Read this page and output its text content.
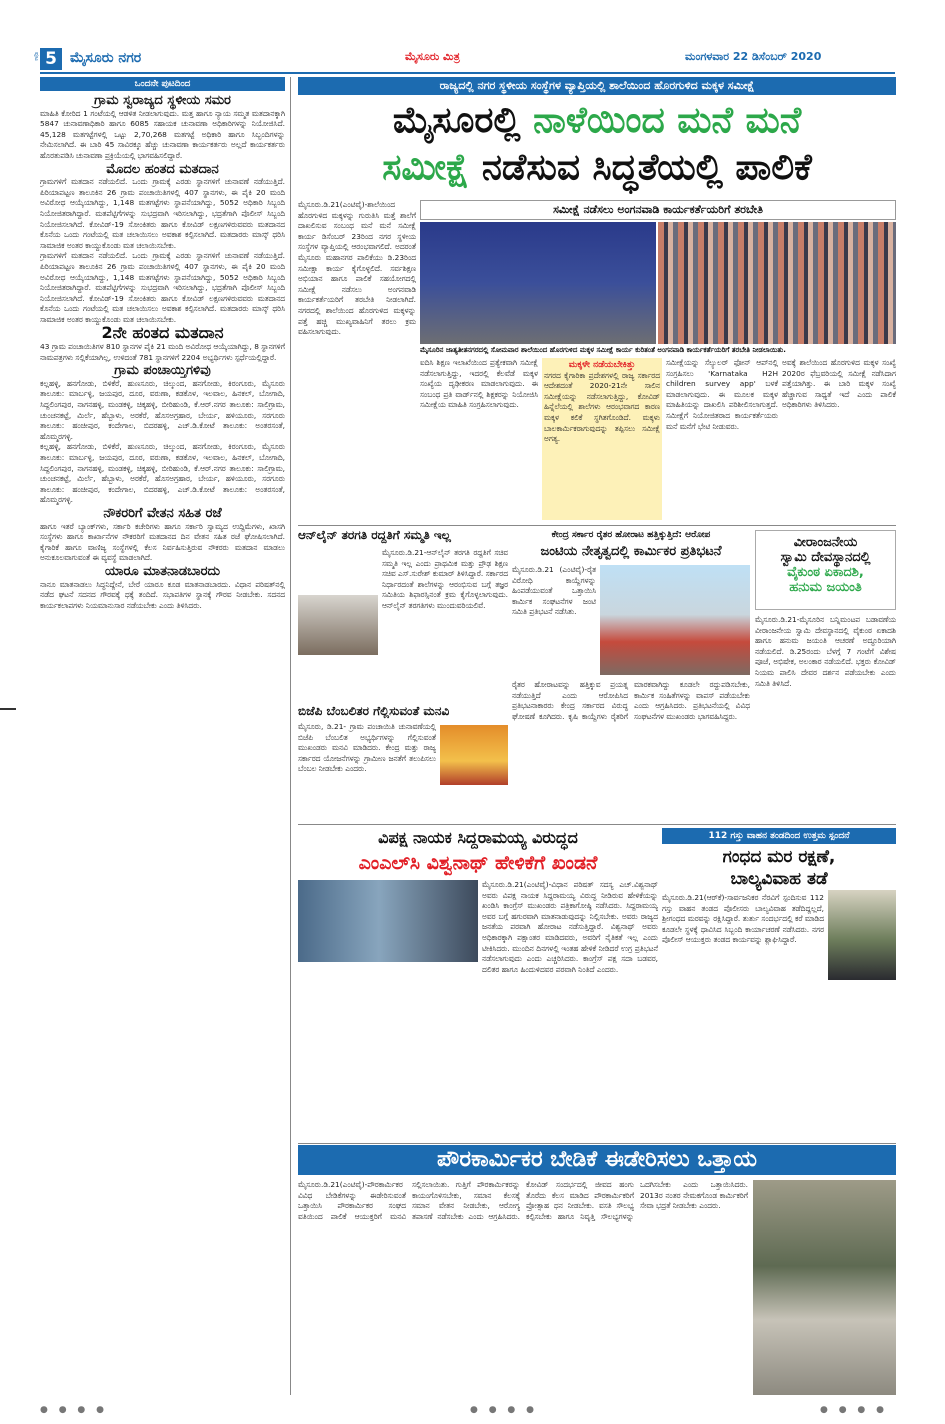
ಪುಟ 5 ಮೈಸೂರು ನಗರ	ಮೈಸೂರು ಮಿತ್ರ	ಮಂಗಳವಾರ 22 ಡಿಸೆಂಬರ್ 2020
ಒಂದನೇ ಪುಟದಿಂದ
ಗ್ರಾಮ ಸ್ವರಾಜ್ಯದ ಸ್ಥಳೀಯ ಸಮರ

ಮಾಹಿತಿ ಕೋರಿದ 1 ಗಂಟೆಯಲ್ಲಿ ಆಡಳಿತ ನೀಡಲಾಗುವುದು. ಮತ್ತ ಹಾಗೂ ನ್ಯಾಯ ಸಮ್ಮತ ಮತದಾನಕ್ಕಾಗಿ 5847 ಚುನಾವಣಾಧಿಕಾರಿ ಹಾಗೂ 6085 ಸಹಾಯಕ ಚುನಾವಣಾ ಅಧಿಕಾರಿಗಳನ್ನು ನಿಯೋಜಿಸಿದೆ. 45,128 ಮತಗಟ್ಟೆಗಳಲ್ಲಿ ಒಟ್ಟು 2,70,268 ಮತಗಟ್ಟೆ ಅಧಿಕಾರಿ ಹಾಗೂ ಸಿಬ್ಬಂದಿಗಳನ್ನು ನೇಮಿಸಲಾಗಿದೆ. ಈ ಬಾರಿ 45 ಸಾವಿರಕ್ಕೂ ಹೆಚ್ಚು ಚುನಾವಣಾ ಕಾರ್ಯಕರ್ತರು ಅಲ್ಲದೆ ಕಾರ್ಯಕರ್ತರು ಹೊರತುಪಡಿಸಿ ಚುನಾವಣಾ ಪ್ರಕ್ರಿಯೆಯಲ್ಲಿ ಭಾಗವಹಿಸಲಿದ್ದಾರೆ.

ಮೊದಲ ಹಂತದ ಮತದಾನ

ಗ್ರಾಮಗಳಿಗೆ ಮತದಾನ ನಡೆಯಲಿದೆ. ಒಂದು ಗ್ರಾಮಕ್ಕೆ ಎರಡು ಸ್ಥಾನಗಳಿಗೆ ಚುನಾವಣೆ ನಡೆಯುತ್ತಿದೆ. ಪಿರಿಯಾಪಟ್ಟಣ ತಾಲೂಕಿನ 26 ಗ್ರಾಮ ಪಂಚಾಯಿತಿಗಳಲ್ಲಿ 407 ಸ್ಥಾನಗಳು, ಈ ಪೈಕಿ 20 ಮಂದಿ ಅವಿರೋಧ ಆಯ್ಕೆಯಾಗಿದ್ದು, 1,148 ಮತಗಟ್ಟೆಗಳು ಸ್ಥಾಪನೆಯಾಗಿದ್ದು, 5052 ಅಧಿಕಾರಿ ಸಿಬ್ಬಂದಿ ನಿಯೋಜಿತರಾಗಿದ್ದಾರೆ. ಮತಪೆಟ್ಟಿಗೆಗಳನ್ನು ಸುಭದ್ರವಾಗಿ ಇರಿಸಲಾಗಿದ್ದು, ಭದ್ರತೆಗಾಗಿ ಪೊಲೀಸ್ ಸಿಬ್ಬಂದಿ ನಿಯೋಜಿಸಲಾಗಿದೆ. ಕೋವಿಡ್-19 ಸೋಂಕಿತರು ಹಾಗೂ ಕೋವಿಡ್ ಲಕ್ಷಣಗಳಿರುವವರು ಮತದಾನದ ಕೊನೆಯ ಒಂದು ಗಂಟೆಯಲ್ಲಿ ಮತ ಚಲಾಯಿಸಲು ಅವಕಾಶ ಕಲ್ಪಿಸಲಾಗಿದೆ. ಮತದಾರರು ಮಾಸ್ಕ್ ಧರಿಸಿ ಸಾಮಾಜಿಕ ಅಂತರ ಕಾಯ್ದುಕೊಂಡು ಮತ ಚಲಾಯಿಸಬೇಕು.

ಗ್ರಾಮಗಳಿಗೆ ಮತದಾನ ನಡೆಯಲಿದೆ. ಒಂದು ಗ್ರಾಮಕ್ಕೆ ಎರಡು ಸ್ಥಾನಗಳಿಗೆ ಚುನಾವಣೆ ನಡೆಯುತ್ತಿದೆ. ಪಿರಿಯಾಪಟ್ಟಣ ತಾಲೂಕಿನ 26 ಗ್ರಾಮ ಪಂಚಾಯಿತಿಗಳಲ್ಲಿ 407 ಸ್ಥಾನಗಳು, ಈ ಪೈಕಿ 20 ಮಂದಿ ಅವಿರೋಧ ಆಯ್ಕೆಯಾಗಿದ್ದು, 1,148 ಮತಗಟ್ಟೆಗಳು ಸ್ಥಾಪನೆಯಾಗಿದ್ದು, 5052 ಅಧಿಕಾರಿ ಸಿಬ್ಬಂದಿ ನಿಯೋಜಿತರಾಗಿದ್ದಾರೆ. ಮತಪೆಟ್ಟಿಗೆಗಳನ್ನು ಸುಭದ್ರವಾಗಿ ಇರಿಸಲಾಗಿದ್ದು, ಭದ್ರತೆಗಾಗಿ ಪೊಲೀಸ್ ಸಿಬ್ಬಂದಿ ನಿಯೋಜಿಸಲಾಗಿದೆ. ಕೋವಿಡ್-19 ಸೋಂಕಿತರು ಹಾಗೂ ಕೋವಿಡ್ ಲಕ್ಷಣಗಳಿರುವವರು ಮತದಾನದ ಕೊನೆಯ ಒಂದು ಗಂಟೆಯಲ್ಲಿ ಮತ ಚಲಾಯಿಸಲು ಅವಕಾಶ ಕಲ್ಪಿಸಲಾಗಿದೆ. ಮತದಾರರು ಮಾಸ್ಕ್ ಧರಿಸಿ ಸಾಮಾಜಿಕ ಅಂತರ ಕಾಯ್ದುಕೊಂಡು ಮತ ಚಲಾಯಿಸಬೇಕು.

2ನೇ ಹಂತದ ಮತದಾನ

43 ಗ್ರಾಮ ಪಂಚಾಯಿತಿಗಳ 810 ಸ್ಥಾನಗಳ ಪೈಕಿ 21 ಮಂದಿ ಅವಿರೋಧ ಆಯ್ಕೆಯಾಗಿದ್ದು, 8 ಸ್ಥಾನಗಳಿಗೆ ನಾಮಪತ್ರಗಳು ಸಲ್ಲಿಕೆಯಾಗಿಲ್ಲ, ಉಳಿದಂತೆ 781 ಸ್ಥಾನಗಳಿಗೆ 2204 ಅಭ್ಯರ್ಥಿಗಳು ಸ್ಪರ್ಧೆಯಲ್ಲಿದ್ದಾರೆ.

ಗ್ರಾಮ ಪಂಚಾಯ್ತಿಗಳಿವು

ಕಲ್ಲಹಳ್ಳಿ, ಹನಗೋಡು, ಬಿಳಿಕೆರೆ, ಹುಣಸೂರು, ಚಿಲ್ಕುಂದ, ಹನಗೋಡು, ಕಿರಂಗೂರು, ಮೈಸೂರು ತಾಲೂಕು: ಮಾರ್ಬಳ್ಳಿ, ಜಯಪುರ, ದೂರ, ವರುಣಾ, ಕಡಕೊಳ, ಇಲವಾಲ, ಹಿನಕಲ್, ಬೋಗಾದಿ, ಸಿದ್ದಲಿಂಗಪುರ, ನಾಗನಹಳ್ಳಿ, ಮಂಡಕಳ್ಳಿ, ಚಿಕ್ಕಹಳ್ಳಿ, ಬೀರಿಹುಂಡಿ, ಕೆ.ಆರ್.ನಗರ ತಾಲೂಕು: ಸಾಲಿಗ್ರಾಮ, ಚುಂಚನಕಟ್ಟೆ, ಮಿರ್ಲೆ, ಹೆಬ್ಬಾಳು, ಅರಕೆರೆ, ಹೊಸಅಗ್ರಹಾರ, ಬೇರ್ಯ, ಹಳಿಯೂರು, ಸರಗೂರು ತಾಲೂಕು: ಹಂಚೀಪುರ, ಕಂದೇಗಾಲ, ಬಿದರಹಳ್ಳಿ, ಎಚ್.ಡಿ.ಕೋಟೆ ತಾಲೂಕು: ಅಂತರಸಂತೆ, ಹೊಮ್ಮರಗಳ್ಳಿ.

ಕಲ್ಲಹಳ್ಳಿ, ಹನಗೋಡು, ಬಿಳಿಕೆರೆ, ಹುಣಸೂರು, ಚಿಲ್ಕುಂದ, ಹನಗೋಡು, ಕಿರಂಗೂರು, ಮೈಸೂರು ತಾಲೂಕು: ಮಾರ್ಬಳ್ಳಿ, ಜಯಪುರ, ದೂರ, ವರುಣಾ, ಕಡಕೊಳ, ಇಲವಾಲ, ಹಿನಕಲ್, ಬೋಗಾದಿ, ಸಿದ್ದಲಿಂಗಪುರ, ನಾಗನಹಳ್ಳಿ, ಮಂಡಕಳ್ಳಿ, ಚಿಕ್ಕಹಳ್ಳಿ, ಬೀರಿಹುಂಡಿ, ಕೆ.ಆರ್.ನಗರ ತಾಲೂಕು: ಸಾಲಿಗ್ರಾಮ, ಚುಂಚನಕಟ್ಟೆ, ಮಿರ್ಲೆ, ಹೆಬ್ಬಾಳು, ಅರಕೆರೆ, ಹೊಸಅಗ್ರಹಾರ, ಬೇರ್ಯ, ಹಳಿಯೂರು, ಸರಗೂರು ತಾಲೂಕು: ಹಂಚೀಪುರ, ಕಂದೇಗಾಲ, ಬಿದರಹಳ್ಳಿ, ಎಚ್.ಡಿ.ಕೋಟೆ ತಾಲೂಕು: ಅಂತರಸಂತೆ, ಹೊಮ್ಮರಗಳ್ಳಿ.

ನೌಕರರಿಗೆ ವೇತನ ಸಹಿತ ರಜೆ

ಹಾಗೂ ಇತರೆ ಬ್ಯಾಂಕ್‌ಗಳು, ಸರ್ಕಾರಿ ಕಚೇರಿಗಳು ಹಾಗೂ ಸರ್ಕಾರಿ ಸ್ವಾಮ್ಯದ ಉದ್ದಿಮೆಗಳು, ಖಾಸಗಿ ಸಂಸ್ಥೆಗಳು ಹಾಗೂ ಕಾರ್ಖಾನೆಗಳ ನೌಕರರಿಗೆ ಮತದಾನದ ದಿನ ವೇತನ ಸಹಿತ ರಜೆ ಘೋಷಿಸಲಾಗಿದೆ. ಕೈಗಾರಿಕೆ ಹಾಗೂ ವಾಣಿಜ್ಯ ಸಂಸ್ಥೆಗಳಲ್ಲಿ ಕೆಲಸ ನಿರ್ವಹಿಸುತ್ತಿರುವ ನೌಕರರು ಮತದಾನ ಮಾಡಲು ಅನುಕೂಲವಾಗುವಂತೆ ಈ ವ್ಯವಸ್ಥೆ ಮಾಡಲಾಗಿದೆ.

ಯಾರೂ ಮಾತನಾಡಬಾರದು

ನಾನೂ ಮಾತನಾಡಲು ಸಿದ್ಧನಿದ್ದೇನೆ, ಬೇರೆ ಯಾರೂ ಕೂಡ ಮಾತನಾಡಬಾರದು. ವಿಧಾನ ಪರಿಷತ್‌ನಲ್ಲಿ ನಡೆದ ಘಟನೆ ಸದನದ ಗೌರವಕ್ಕೆ ಧಕ್ಕೆ ತಂದಿದೆ. ಸಭಾಪತಿಗಳ ಸ್ಥಾನಕ್ಕೆ ಗೌರವ ನೀಡಬೇಕು. ಸದನದ ಕಾರ್ಯಕಲಾಪಗಳು ನಿಯಮಾನುಸಾರ ನಡೆಯಬೇಕು ಎಂದು ತಿಳಿಸಿದರು.

ರಾಜ್ಯದಲ್ಲಿ ನಗರ ಸ್ಥಳೀಯ ಸಂಸ್ಥೆಗಳ ವ್ಯಾಪ್ತಿಯಲ್ಲಿ ಶಾಲೆಯಿಂದ ಹೊರಗುಳಿದ ಮಕ್ಕಳ ಸಮೀಕ್ಷೆ
ಮೈಸೂರಲ್ಲಿ ನಾಳೆಯಿಂದ ಮನೆ ಮನೆ
ಸಮೀಕ್ಷೆ ನಡೆಸುವ ಸಿದ್ಧತೆಯಲ್ಲಿ ಪಾಲಿಕೆ
ಮೈಸೂರು.ಡಿ.21(ಎಂಟಿವೈ)-ಶಾಲೆಯಿಂದ ಹೊರಗುಳಿದ ಮಕ್ಕಳನ್ನು ಗುರುತಿಸಿ ಮತ್ತೆ ಶಾಲೆಗೆ ದಾಖಲಿಸುವ ಸಂಬಂಧ ಮನೆ ಮನೆ ಸಮೀಕ್ಷೆ ಕಾರ್ಯ ಡಿಸೆಂಬರ್ 23ರಿಂದ ನಗರ ಸ್ಥಳೀಯ ಸಂಸ್ಥೆಗಳ ವ್ಯಾಪ್ತಿಯಲ್ಲಿ ಆರಂಭವಾಗಲಿದೆ. ಅದರಂತೆ ಮೈಸೂರು ಮಹಾನಗರ ಪಾಲಿಕೆಯು ಡಿ.23ರಿಂದ ಸಮೀಕ್ಷಾ ಕಾರ್ಯ ಕೈಗೊಳ್ಳಲಿದೆ. ಸರ್ವಶಿಕ್ಷಣ ಅಭಿಯಾನ ಹಾಗೂ ಪಾಲಿಕೆ ಸಹಯೋಗದಲ್ಲಿ ಸಮೀಕ್ಷೆ ನಡೆಸಲು ಅಂಗನವಾಡಿ ಕಾರ್ಯಕರ್ತೆಯರಿಗೆ ತರಬೇತಿ ನೀಡಲಾಗಿದೆ. ನಗರದಲ್ಲಿ ಶಾಲೆಯಿಂದ ಹೊರಗುಳಿದ ಮಕ್ಕಳನ್ನು ಪತ್ತೆ ಹಚ್ಚಿ ಮುಖ್ಯವಾಹಿನಿಗೆ ತರಲು ಕ್ರಮ ವಹಿಸಲಾಗುವುದು.
ಸಮೀಕ್ಷೆ ನಡೆಸಲು ಅಂಗನವಾಡಿ ಕಾರ್ಯಕರ್ತೆಯರಿಗೆ ತರಬೇತಿ
ಮೈಸೂರಿನ ಜಾತ್ಯತೀತನಗರದಲ್ಲಿ ಸೋಮವಾರ ಶಾಲೆಯಿಂದ ಹೊರಗುಳಿದ ಮಕ್ಕಳ ಸಮೀಕ್ಷೆ ಕಾರ್ಯ ಕುರಿತಂತೆ ಅಂಗನವಾಡಿ ಕಾರ್ಯಕರ್ತೆಯರಿಗೆ ತರಬೇತಿ ನೀಡಲಾಯಿತು.
ಐದಿಸಿ ಶಿಕ್ಷಣ ಇಲಾಖೆಯಿಂದ ಪ್ರತ್ಯೇಕವಾಗಿ ಸಮೀಕ್ಷೆ ನಡೆಸಲಾಗುತ್ತಿದ್ದು, ಇದರಲ್ಲಿ ಕೆಲವೆಡೆ ಮಕ್ಕಳ ಸಂಖ್ಯೆಯ ದೃಢೀಕರಣ ಮಾಡಲಾಗುವುದು. ಈ ಸಂಬಂಧ ಪ್ರತಿ ವಾರ್ಡ್‌ನಲ್ಲಿ ಶಿಕ್ಷಕರನ್ನು ನಿಯೋಜಿಸಿ ಸಮೀಕ್ಷೆಯ ಮಾಹಿತಿ ಸಂಗ್ರಹಿಸಲಾಗುವುದು.
ಮಕ್ಕಳೇ ನಡೆಯಬೇಕಿತ್ತು

ನಗರದ ಕೈಗಾರಿಕಾ ಪ್ರದೇಶಗಳಲ್ಲಿ ರಾಜ್ಯ ಸರ್ಕಾರದ ಆದೇಶದಂತೆ 2020-21ನೇ ಸಾಲಿನ ಸಮೀಕ್ಷೆಯನ್ನು ನಡೆಸಲಾಗುತ್ತಿದ್ದು, ಕೋವಿಡ್ ಹಿನ್ನೆಲೆಯಲ್ಲಿ ಶಾಲೆಗಳು ಆರಂಭವಾಗದ ಕಾರಣ ಮಕ್ಕಳ ಕಲಿಕೆ ಸ್ಥಗಿತಗೊಂಡಿದೆ. ಮಕ್ಕಳು ಬಾಲಕಾರ್ಮಿಕರಾಗುವುದನ್ನು ತಪ್ಪಿಸಲು ಸಮೀಕ್ಷೆ ಅಗತ್ಯ.

ಸಮೀಕ್ಷೆಯನ್ನು ಸೆಲ್ಯುಲರ್ ಫೋನ್ ಆಪ್‌ನಲ್ಲಿ ಸಂಗ್ರಹಿಸಲು 'Karnataka H2H children survey app' ಬಳಕೆ ಮಾಡಲಾಗುವುದು. ಈ ಮೂಲಕ ಮಕ್ಕಳ ಮಾಹಿತಿಯನ್ನು ದಾಖಲಿಸಿ ಪರಿಶೀಲಿಸಲಾಗುತ್ತದೆ. ಸಮೀಕ್ಷೆಗೆ ನಿಯೋಜಿತರಾದ ಕಾರ್ಯಕರ್ತೆಯರು ಮನೆ ಮನೆಗೆ ಭೇಟಿ ನೀಡುವರು.
ಅವಕ್ಕೆ ಶಾಲೆಯಿಂದ ಹೊರಗುಳಿದ ಮಕ್ಕಳ ಸಂಖ್ಯೆ 2020ರ ಫೆಬ್ರವರಿಯಲ್ಲಿ ಸಮೀಕ್ಷೆ ನಡೆಸಿದಾಗ ಪತ್ತೆಯಾಗಿತ್ತು. ಈ ಬಾರಿ ಮಕ್ಕಳ ಸಂಖ್ಯೆ ಹೆಚ್ಚಾಗುವ ಸಾಧ್ಯತೆ ಇದೆ ಎಂದು ಪಾಲಿಕೆ ಅಧಿಕಾರಿಗಳು ತಿಳಿಸಿದರು.
ಆನ್‌ಲೈನ್ ತರಗತಿ ರದ್ದತಿಗೆ ಸಮ್ಮತಿ ಇಲ್ಲ
ಮೈಸೂರು.ಡಿ.21-ಆನ್‌ಲೈನ್ ತರಗತಿ ರದ್ದತಿಗೆ ಸಚಿವ ಸಮ್ಮತಿ ಇಲ್ಲ ಎಂದು ಪ್ರಾಥಮಿಕ ಮತ್ತು ಪ್ರೌಢ ಶಿಕ್ಷಣ ಸಚಿವ ಎಸ್.ಸುರೇಶ್ ಕುಮಾರ್ ತಿಳಿಸಿದ್ದಾರೆ. ಸರ್ಕಾರದ ನಿರ್ಧಾರದಂತೆ ಶಾಲೆಗಳನ್ನು ಆರಂಭಿಸುವ ಬಗ್ಗೆ ತಜ್ಞರ ಸಮಿತಿಯ ಶಿಫಾರಸ್ಸಿನಂತೆ ಕ್ರಮ ಕೈಗೊಳ್ಳಲಾಗುವುದು. ಆನ್‌ಲೈನ್ ತರಗತಿಗಳು ಮುಂದುವರಿಯಲಿವೆ.
ಬಿಜೆಪಿ ಬೆಂಬಲಿತರ ಗೆಲ್ಲಿಸುವಂತೆ ಮನವಿ
ಮೈಸೂರು, ಡಿ.21- ಗ್ರಾಮ ಪಂಚಾಯಿತಿ ಚುನಾವಣೆಯಲ್ಲಿ ಬಿಜೆಪಿ ಬೆಂಬಲಿತ ಅಭ್ಯರ್ಥಿಗಳನ್ನು ಗೆಲ್ಲಿಸುವಂತೆ ಮುಖಂಡರು ಮನವಿ ಮಾಡಿದರು. ಕೇಂದ್ರ ಮತ್ತು ರಾಜ್ಯ ಸರ್ಕಾರದ ಯೋಜನೆಗಳನ್ನು ಗ್ರಾಮೀಣ ಜನತೆಗೆ ತಲುಪಿಸಲು ಬೆಂಬಲ ನೀಡಬೇಕು ಎಂದರು.
ಕೇಂದ್ರ ಸರ್ಕಾರ ರೈತರ ಹೋರಾಟ ಹತ್ತಿಕ್ಕುತ್ತಿದೆ: ಆರೋಪ
ಜಂಟಿಯ ನೇತೃತ್ವದಲ್ಲಿ ಕಾರ್ಮಿಕರ ಪ್ರತಿಭಟನೆ
ಮೈಸೂರು.ಡಿ.21 (ಎಂಟಿವೈ)-ರೈತ ವಿರೋಧಿ ಕಾಯ್ದೆಗಳನ್ನು ಹಿಂಪಡೆಯುವಂತೆ ಒತ್ತಾಯಿಸಿ ಕಾರ್ಮಿಕ ಸಂಘಟನೆಗಳ ಜಂಟಿ ಸಮಿತಿ ಪ್ರತಿಭಟನೆ ನಡೆಸಿತು.
ರೈತರ ಹೋರಾಟವನ್ನು ಹತ್ತಿಕ್ಕುವ ಪ್ರಯತ್ನ ನಡೆಯುತ್ತಿದೆ ಎಂದು ಆರೋಪಿಸಿದ ಪ್ರತಿಭಟನಾಕಾರರು ಕೇಂದ್ರ ಸರ್ಕಾರದ ವಿರುದ್ಧ ಘೋಷಣೆ ಕೂಗಿದರು. ಕೃಷಿ ಕಾಯ್ದೆಗಳು ರೈತರಿಗೆ ಮಾರಕವಾಗಿದ್ದು ಕೂಡಲೇ ರದ್ದುಪಡಿಸಬೇಕು, ಕಾರ್ಮಿಕ ಸಂಹಿತೆಗಳನ್ನು ವಾಪಸ್ ಪಡೆಯಬೇಕು ಎಂದು ಆಗ್ರಹಿಸಿದರು. ಪ್ರತಿಭಟನೆಯಲ್ಲಿ ವಿವಿಧ ಸಂಘಟನೆಗಳ ಮುಖಂಡರು ಭಾಗವಹಿಸಿದ್ದರು.
ವೀರಾಂಜನೇಯ
ಸ್ವಾಮಿ ದೇವಸ್ಥಾನದಲ್ಲಿ
ವೈಕುಂಠ ಏಕಾದಶಿ,
ಹನುಮ ಜಯಂತಿ
ಮೈಸೂರು.ಡಿ.21-ಮೈಸೂರಿನ ಬನ್ನಿಮಂಟಪ ಬಡಾವಣೆಯ ವೀರಾಂಜನೇಯ ಸ್ವಾಮಿ ದೇವಸ್ಥಾನದಲ್ಲಿ ವೈಕುಂಠ ಏಕಾದಶಿ ಹಾಗೂ ಹನುಮ ಜಯಂತಿ ಆಚರಣೆ ಅದ್ಧೂರಿಯಾಗಿ ನಡೆಯಲಿದೆ. ಡಿ.25ರಂದು ಬೆಳಗ್ಗೆ 7 ಗಂಟೆಗೆ ವಿಶೇಷ ಪೂಜೆ, ಅಭಿಷೇಕ, ಅಲಂಕಾರ ನಡೆಯಲಿದೆ. ಭಕ್ತರು ಕೋವಿಡ್ ನಿಯಮ ಪಾಲಿಸಿ ದೇವರ ದರ್ಶನ ಪಡೆಯಬೇಕು ಎಂದು ಸಮಿತಿ ತಿಳಿಸಿದೆ.
ವಿಪಕ್ಷ ನಾಯಕ ಸಿದ್ದರಾಮಯ್ಯ ವಿರುದ್ಧದ
ಎಂಎಲ್‌ಸಿ ವಿಶ್ವನಾಥ್ ಹೇಳಿಕೆಗೆ ಖಂಡನೆ
ಮೈಸೂರು.ಡಿ.21(ಎಂಟಿವೈ)-ವಿಧಾನ ಪರಿಷತ್ ಸದಸ್ಯ ಎಚ್.ವಿಶ್ವನಾಥ್ ಅವರು ವಿಪಕ್ಷ ನಾಯಕ ಸಿದ್ದರಾಮಯ್ಯ ವಿರುದ್ಧ ನೀಡಿರುವ ಹೇಳಿಕೆಯನ್ನು ಖಂಡಿಸಿ ಕಾಂಗ್ರೆಸ್ ಮುಖಂಡರು ಪತ್ರಿಕಾಗೋಷ್ಠಿ ನಡೆಸಿದರು. ಸಿದ್ದರಾಮಯ್ಯ ಅವರ ಬಗ್ಗೆ ಹಗುರವಾಗಿ ಮಾತನಾಡುವುದನ್ನು ನಿಲ್ಲಿಸಬೇಕು. ಅವರು ರಾಜ್ಯದ ಜನತೆಯ ಪರವಾಗಿ ಹೋರಾಟ ನಡೆಸುತ್ತಿದ್ದಾರೆ. ವಿಶ್ವನಾಥ್ ಅವರು ಅಧಿಕಾರಕ್ಕಾಗಿ ಪಕ್ಷಾಂತರ ಮಾಡಿದವರು, ಅವರಿಗೆ ನೈತಿಕತೆ ಇಲ್ಲ ಎಂದು ಟೀಕಿಸಿದರು. ಮುಂದಿನ ದಿನಗಳಲ್ಲಿ ಇಂತಹ ಹೇಳಿಕೆ ನೀಡಿದರೆ ಉಗ್ರ ಪ್ರತಿಭಟನೆ ನಡೆಸಲಾಗುವುದು ಎಂದು ಎಚ್ಚರಿಸಿದರು. ಕಾಂಗ್ರೆಸ್ ಪಕ್ಷ ಸದಾ ಬಡವರ, ದಲಿತರ ಹಾಗೂ ಹಿಂದುಳಿದವರ ಪರವಾಗಿ ನಿಂತಿದೆ ಎಂದರು.
112 ಗಸ್ತು ವಾಹನ ತಂಡದಿಂದ ಉತ್ತಮ ಸ್ಪಂದನೆ
ಗಂಧದ ಮರ ರಕ್ಷಣೆ,
ಬಾಲ್ಯವಿವಾಹ ತಡೆ
ಮೈಸೂರು.ಡಿ.21(ಆರ್‌ಕೆ)-ಸಾರ್ವಜನಿಕರ ನೆರವಿಗೆ ಸ್ಪಂದಿಸುವ 112 ಗಸ್ತು ವಾಹನ ತಂಡದ ಪೊಲೀಸರು ಬಾಲ್ಯವಿವಾಹ ತಡೆದಿದ್ದಲ್ಲದೆ, ಶ್ರೀಗಂಧದ ಮರವನ್ನು ರಕ್ಷಿಸಿದ್ದಾರೆ. ತುರ್ತು ಸಂದರ್ಭದಲ್ಲಿ ಕರೆ ಮಾಡಿದ ಕೂಡಲೇ ಸ್ಥಳಕ್ಕೆ ಧಾವಿಸಿದ ಸಿಬ್ಬಂದಿ ಕಾರ್ಯಾಚರಣೆ ನಡೆಸಿದರು. ನಗರ ಪೊಲೀಸ್ ಆಯುಕ್ತರು ತಂಡದ ಕಾರ್ಯವನ್ನು ಶ್ಲಾಘಿಸಿದ್ದಾರೆ.
ಪೌರಕಾರ್ಮಿಕರ ಬೇಡಿಕೆ ಈಡೇರಿಸಲು ಒತ್ತಾಯ
ಮೈಸೂರು.ಡಿ.21(ಎಂಟಿವೈ)-ಪೌರಕಾರ್ಮಿಕರ ವಿವಿಧ ಬೇಡಿಕೆಗಳನ್ನು ಈಡೇರಿಸುವಂತೆ ಒತ್ತಾಯಿಸಿ ಪೌರಕಾರ್ಮಿಕರ ಸಂಘದ ವತಿಯಿಂದ ಪಾಲಿಕೆ ಆಯುಕ್ತರಿಗೆ ಮನವಿ ಸಲ್ಲಿಸಲಾಯಿತು. ಗುತ್ತಿಗೆ ಪೌರಕಾರ್ಮಿಕರನ್ನು ಕಾಯಂಗೊಳಿಸಬೇಕು, ಸಮಾನ ಕೆಲಸಕ್ಕೆ ಸಮಾನ ವೇತನ ನೀಡಬೇಕು, ಆರೋಗ್ಯ ತಪಾಸಣೆ ನಡೆಸಬೇಕು ಎಂದು ಆಗ್ರಹಿಸಿದರು. ಕೋವಿಡ್ ಸಂದರ್ಭದಲ್ಲಿ ಜೀವದ ಹಂಗು ತೊರೆದು ಕೆಲಸ ಮಾಡಿದ ಪೌರಕಾರ್ಮಿಕರಿಗೆ ಪ್ರೋತ್ಸಾಹ ಧನ ನೀಡಬೇಕು. ವಸತಿ ಸೌಲಭ್ಯ ಕಲ್ಪಿಸಬೇಕು ಹಾಗೂ ನಿವೃತ್ತಿ ಸೌಲಭ್ಯಗಳನ್ನು ಒದಗಿಸಬೇಕು ಎಂದು ಒತ್ತಾಯಿಸಿದರು. 2013ರ ನಂತರ ನೇಮಕಗೊಂಡ ಕಾರ್ಮಿಕರಿಗೆ ಸೇವಾ ಭದ್ರತೆ ನೀಡಬೇಕು ಎಂದರು.
● ● ● ●	● ● ● ●	● ● ● ●
